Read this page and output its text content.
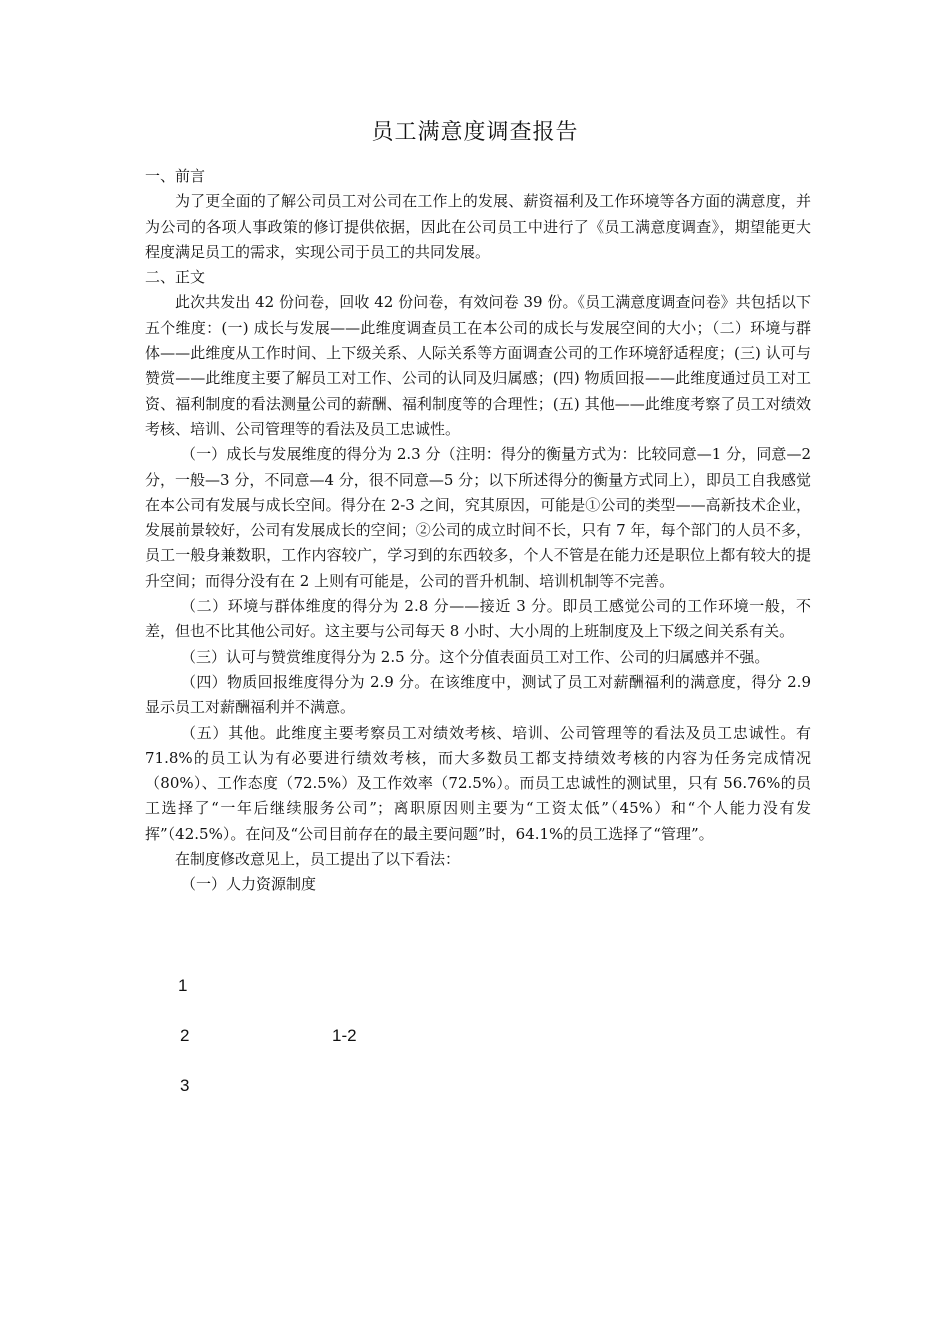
员工满意度调查报告

一、前言

为了更全面的了解公司员工对公司在工作上的发展、薪资福利及工作环境等各方面的满意度，并为公司的各项人事政策的修订提供依据，因此在公司员工中进行了《员工满意度调查》，期望能更大程度满足员工的需求，实现公司于员工的共同发展。

二、正文

此次共发出 42 份问卷，回收 42 份问卷，有效问卷 39 份。《员工满意度调查问卷》共包括以下五个维度：(一) 成长与发展——此维度调查员工在本公司的成长与发展空间的大小；（二）环境与群体——此维度从工作时间、上下级关系、人际关系等方面调查公司的工作环境舒适程度；(三) 认可与赞赏——此维度主要了解员工对工作、公司的认同及归属感；(四) 物质回报——此维度通过员工对工资、福利制度的看法测量公司的薪酬、福利制度等的合理性；(五) 其他——此维度考察了员工对绩效考核、培训、公司管理等的看法及员工忠诚性。

（一）成长与发展维度的得分为 2.3 分（注明：得分的衡量方式为：比较同意—1 分，同意—2 分，一般—3 分，不同意—4 分，很不同意—5 分；以下所述得分的衡量方式同上），即员工自我感觉在本公司有发展与成长空间。得分在 2-3 之间，究其原因，可能是①公司的类型——高新技术企业，发展前景较好，公司有发展成长的空间；②公司的成立时间不长，只有 7 年，每个部门的人员不多，员工一般身兼数职，工作内容较广，学习到的东西较多，个人不管是在能力还是职位上都有较大的提升空间；而得分没有在 2 上则有可能是，公司的晋升机制、培训机制等不完善。

（二）环境与群体维度的得分为 2.8 分——接近 3 分。即员工感觉公司的工作环境一般，不差，但也不比其他公司好。这主要与公司每天 8 小时、大小周的上班制度及上下级之间关系有关。

（三）认可与赞赏维度得分为 2.5 分。这个分值表面员工对工作、公司的归属感并不强。

（四）物质回报维度得分为 2.9 分。在该维度中，测试了员工对薪酬福利的满意度，得分 2.9 显示员工对薪酬福利并不满意。

（五）其他。此维度主要考察员工对绩效考核、培训、公司管理等的看法及员工忠诚性。有 71.8%的员工认为有必要进行绩效考核，而大多数员工都支持绩效考核的内容为任务完成情况（80%）、工作态度（72.5%）及工作效率（72.5%）。而员工忠诚性的测试里，只有 56.76%的员工选择了“一年后继续服务公司”；离职原因则主要为“工资太低”（45%）和“个人能力没有发挥”（42.5%）。在问及“公司目前存在的最主要问题”时，64.1%的员工选择了“管理”。

在制度修改意见上，员工提出了以下看法：

（一）人力资源制度

1
2	1-2
3
